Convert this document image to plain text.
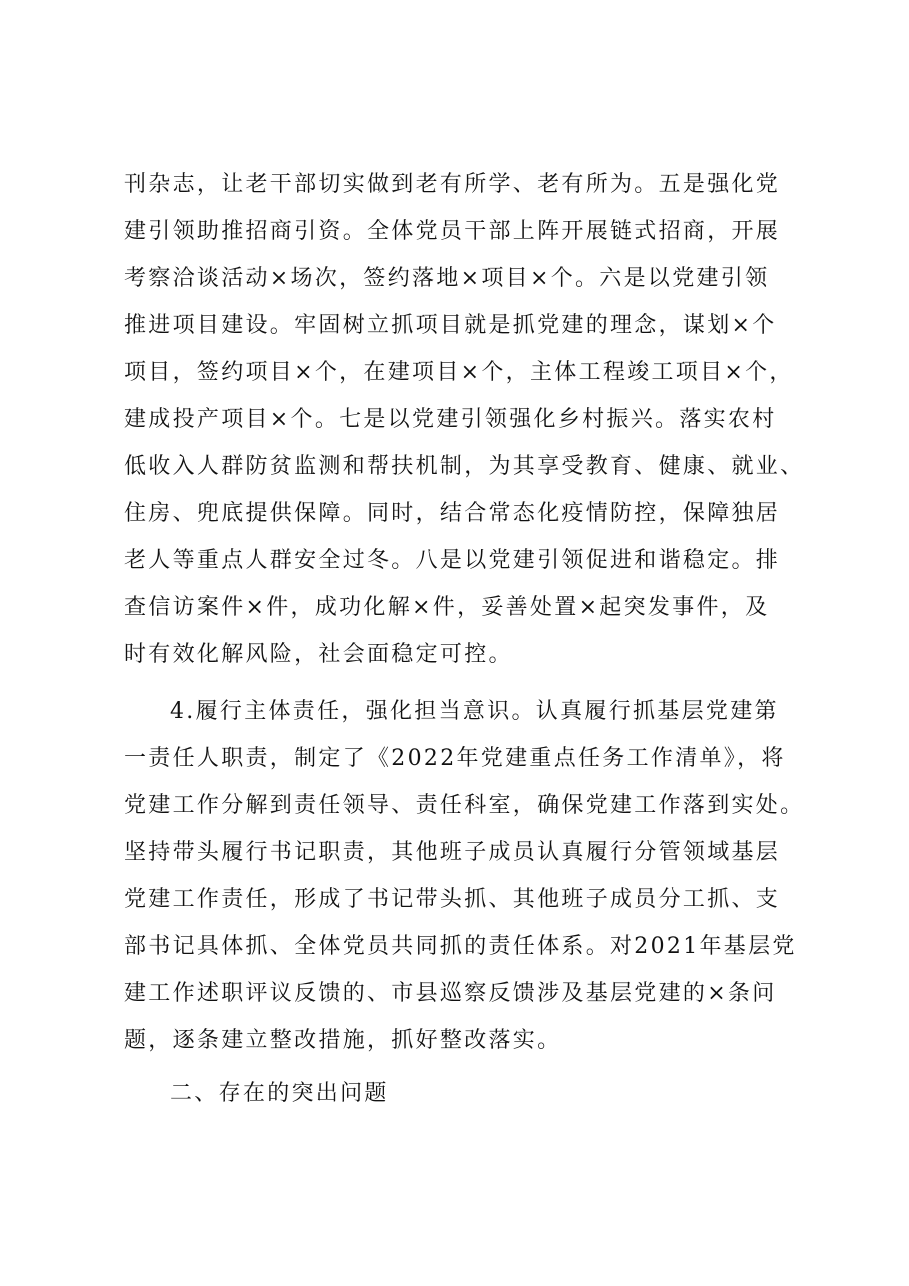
刊杂志，让老干部切实做到老有所学、老有所为。五是强化党
建引领助推招商引资。全体党员干部上阵开展链式招商，开展
考察洽谈活动×场次，签约落地×项目×个。六是以党建引领
推进项目建设。牢固树立抓项目就是抓党建的理念，谋划×个
项目，签约项目×个，在建项目×个，主体工程竣工项目×个，
建成投产项目×个。七是以党建引领强化乡村振兴。落实农村
低收入人群防贫监测和帮扶机制，为其享受教育、健康、就业、
住房、兜底提供保障。同时，结合常态化疫情防控，保障独居
老人等重点人群安全过冬。八是以党建引领促进和谐稳定。排
查信访案件×件，成功化解×件，妥善处置×起突发事件，及
时有效化解风险，社会面稳定可控。
4.履行主体责任，强化担当意识。认真履行抓基层党建第
一责任人职责，制定了《2022年党建重点任务工作清单》，将
党建工作分解到责任领导、责任科室，确保党建工作落到实处。
坚持带头履行书记职责，其他班子成员认真履行分管领域基层
党建工作责任，形成了书记带头抓、其他班子成员分工抓、支
部书记具体抓、全体党员共同抓的责任体系。对2021年基层党
建工作述职评议反馈的、市县巡察反馈涉及基层党建的×条问
题，逐条建立整改措施，抓好整改落实。
二、存在的突出问题
